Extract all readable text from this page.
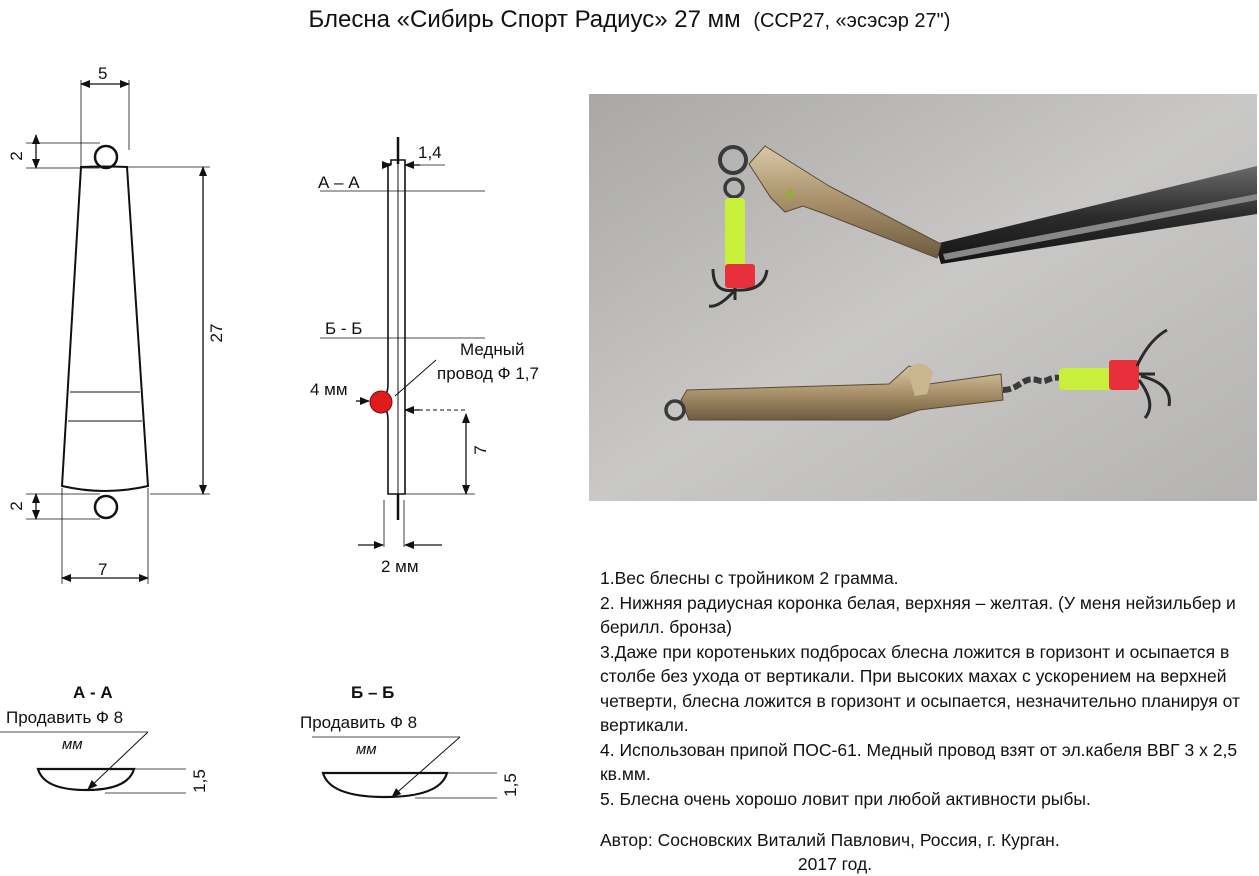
Блесна «Сибирь Спорт Радиус» 27 мм (ССР27, «эсэсэр 27")
5
2
27
2
7
1,4
А – А
Б - Б
Медный
провод Ф 1,7
4 мм
7
2 мм
А - А
Продавить Ф 8
мм
1,5
Б – Б
Продавить Ф 8
мм
1,5

1.Вес блесны с тройником 2 грамма.

2. Нижняя радиусная коронка белая, верхняя – желтая. (У меня нейзильбер и берилл. бронза)

3.Даже при коротеньких подбросах блесна ложится в горизонт и осыпается в столбе без ухода от вертикали. При высоких махах с ускорением на верхней четверти, блесна ложится в горизонт и осыпается, незначительно планируя от вертикали.

4. Использован припой ПОС-61. Медный провод взят от эл.кабеля ВВГ 3 х 2,5 кв.мм.

5. Блесна очень хорошо ловит при любой активности рыбы.

Автор: Сосновских Виталий Павлович, Россия, г. Курган.
2017 год.
